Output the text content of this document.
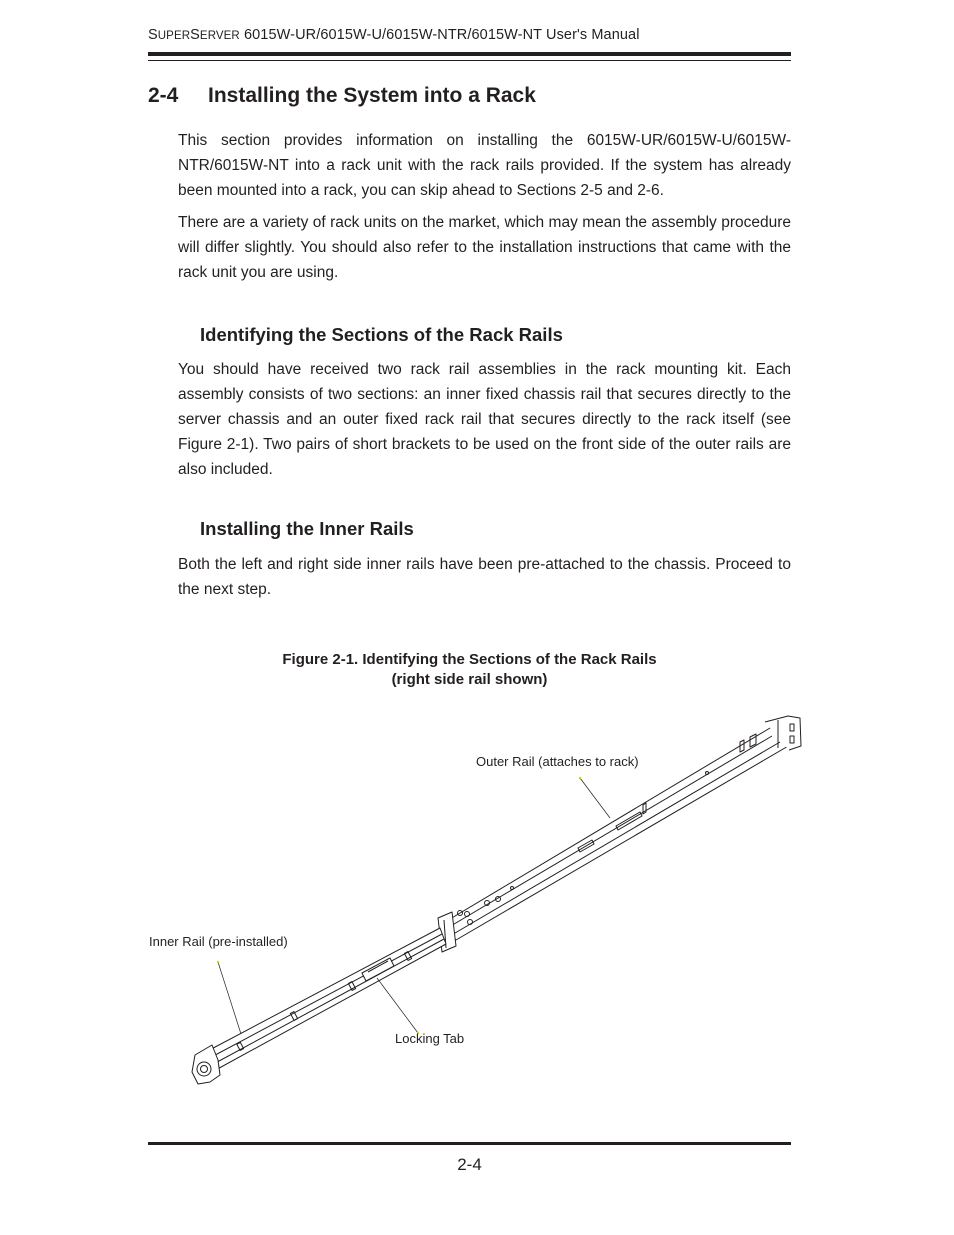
SUPERSERVER 6015W-UR/6015W-U/6015W-NTR/6015W-NT User's Manual
2-4 Installing the System into a Rack

This section provides information on installing the 6015W-UR/6015W-U/6015W-NTR/6015W-NT into a rack unit with the rack rails provided. If the system has already been mounted into a rack, you can skip ahead to Sections 2-5 and 2-6.

There are a variety of rack units on the market, which may mean the assembly procedure will differ slightly. You should also refer to the installation instructions that came with the rack unit you are using.

Identifying the Sections of the Rack Rails

You should have received two rack rail assemblies in the rack mounting kit. Each assembly consists of two sections: an inner fixed chassis rail that secures directly to the server chassis and an outer fixed rack rail that secures directly to the rack itself (see Figure 2-1). Two pairs of short brackets to be used on the front side of the outer rails are also included.

Installing the Inner Rails

Both the left and right side inner rails have been pre-attached to the chassis. Proceed to the next step.

Figure 2-1. Identifying the Sections of the Rack Rails
(right side rail shown)
Outer Rail (attaches to rack)
Inner Rail (pre-installed)
Locking Tab
2-4
